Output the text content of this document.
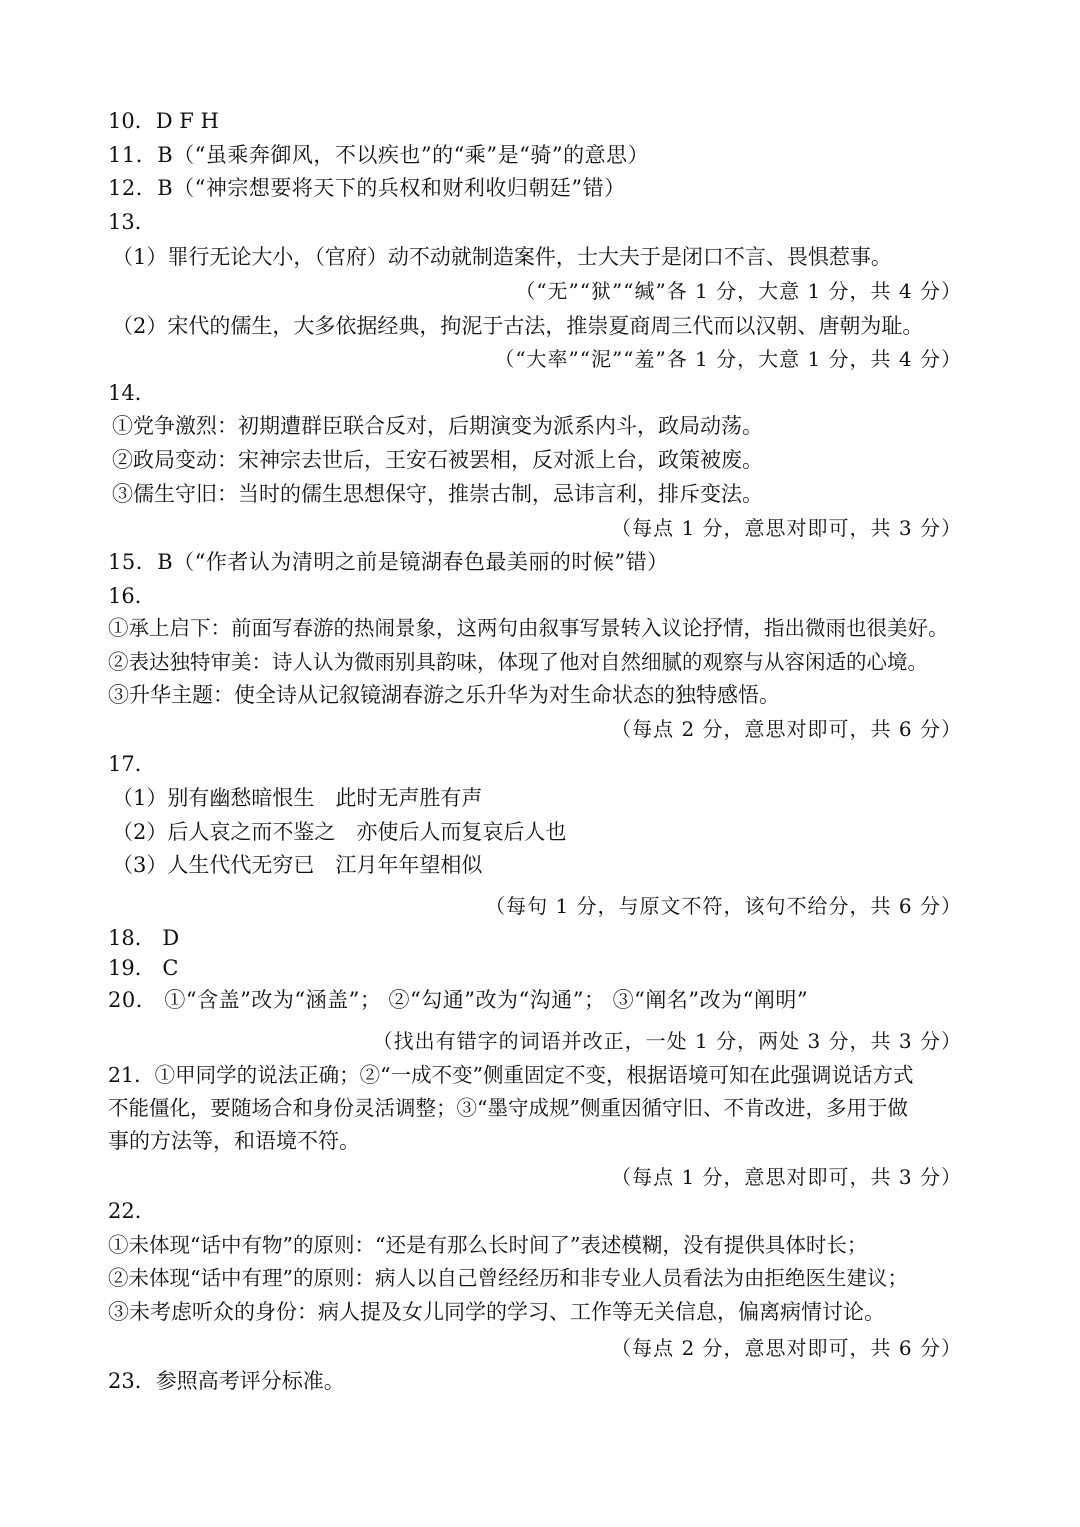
10．D F H
11．B（“虽乘奔御风，不以疾也”的“乘”是“骑”的意思）
12．B（“神宗想要将天下的兵权和财利收归朝廷”错）
13．
（1）罪行无论大小，（官府）动不动就制造案件，士大夫于是闭口不言、畏惧惹事。
（“无”“狱”“缄”各 1 分，大意 1 分，共 4 分）
（2）宋代的儒生，大多依据经典，拘泥于古法，推崇夏商周三代而以汉朝、唐朝为耻。
（“大率”“泥”“羞”各 1 分，大意 1 分，共 4 分）
14．
①党争激烈：初期遭群臣联合反对，后期演变为派系内斗，政局动荡。
②政局变动：宋神宗去世后，王安石被罢相，反对派上台，政策被废。
③儒生守旧：当时的儒生思想保守，推崇古制，忌讳言利，排斥变法。
（每点 1 分，意思对即可，共 3 分）
15．B（“作者认为清明之前是镜湖春色最美丽的时候”错）
16．
①承上启下：前面写春游的热闹景象，这两句由叙事写景转入议论抒情，指出微雨也很美好。
②表达独特审美：诗人认为微雨别具韵味，体现了他对自然细腻的观察与从容闲适的心境。
③升华主题：使全诗从记叙镜湖春游之乐升华为对生命状态的独特感悟。
（每点 2 分，意思对即可，共 6 分）
17．
（1）别有幽愁暗恨生　此时无声胜有声
（2）后人哀之而不鉴之　亦使后人而复哀后人也
（3）人生代代无穷已　江月年年望相似
（每句 1 分，与原文不符，该句不给分，共 6 分）
18． D
19． C
20． ①“含盖”改为“涵盖”； ②“勾通”改为“沟通”； ③“阐名”改为“阐明”
（找出有错字的词语并改正，一处 1 分，两处 3 分，共 3 分）
21．①甲同学的说法正确；②“一成不变”侧重固定不变，根据语境可知在此强调说话方式
不能僵化，要随场合和身份灵活调整；③“墨守成规”侧重因循守旧、不肯改进，多用于做
事的方法等，和语境不符。
（每点 1 分，意思对即可，共 3 分）
22．
①未体现“话中有物”的原则：“还是有那么长时间了”表述模糊，没有提供具体时长；
②未体现“话中有理”的原则：病人以自己曾经经历和非专业人员看法为由拒绝医生建议；
③未考虑听众的身份：病人提及女儿同学的学习、工作等无关信息，偏离病情讨论。
（每点 2 分，意思对即可，共 6 分）
23．参照高考评分标准。
